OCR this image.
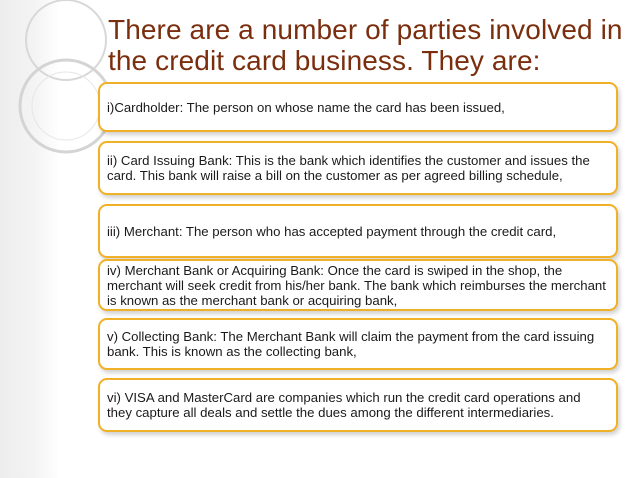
There are a number of parties involved in the credit card business. They are:
i)Cardholder: The person on whose name the card has been issued,
ii) Card Issuing Bank: This is the bank which identifies the customer and issues the card. This bank will raise a bill on the customer as per agreed billing schedule,
iii) Merchant: The person who has accepted payment through the credit card,
iv) Merchant Bank or Acquiring Bank: Once the card is swiped in the shop, the merchant will seek credit from his/her bank. The bank which reimburses the merchant is known as the merchant bank or acquiring bank,
v) Collecting Bank: The Merchant Bank will claim the payment from the card issuing bank. This is known as the collecting bank,
vi) VISA and MasterCard are companies which run the credit card operations and they capture all deals and settle the dues among the different intermediaries.
